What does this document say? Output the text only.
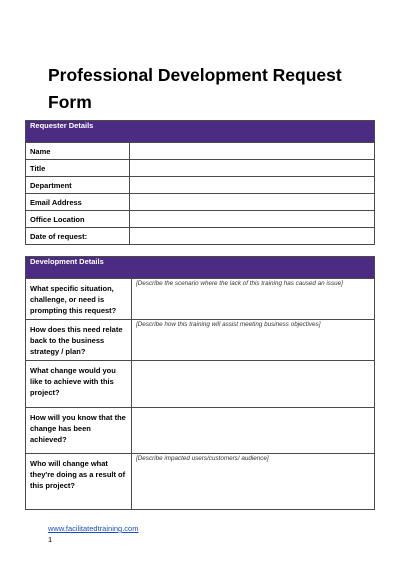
Professional Development Request Form
Requester Details	
Name	
Title	
Department	
Email Address	
Office Location	
Date of request:	
Development Details	
What specific situation, challenge, or need is prompting this request?	[Describe the scenario where the lack of this training has caused an issue]
How does this need relate back to the business strategy / plan?	[Describe how this training will assist meeting business objectives]
What change would you like to achieve with this project?	
How will you know that the change has been achieved?	
Who will change what they're doing as a result of this project?	[Describe impacted users/customers/ audience]
www.facilitatedtraining.com
1
